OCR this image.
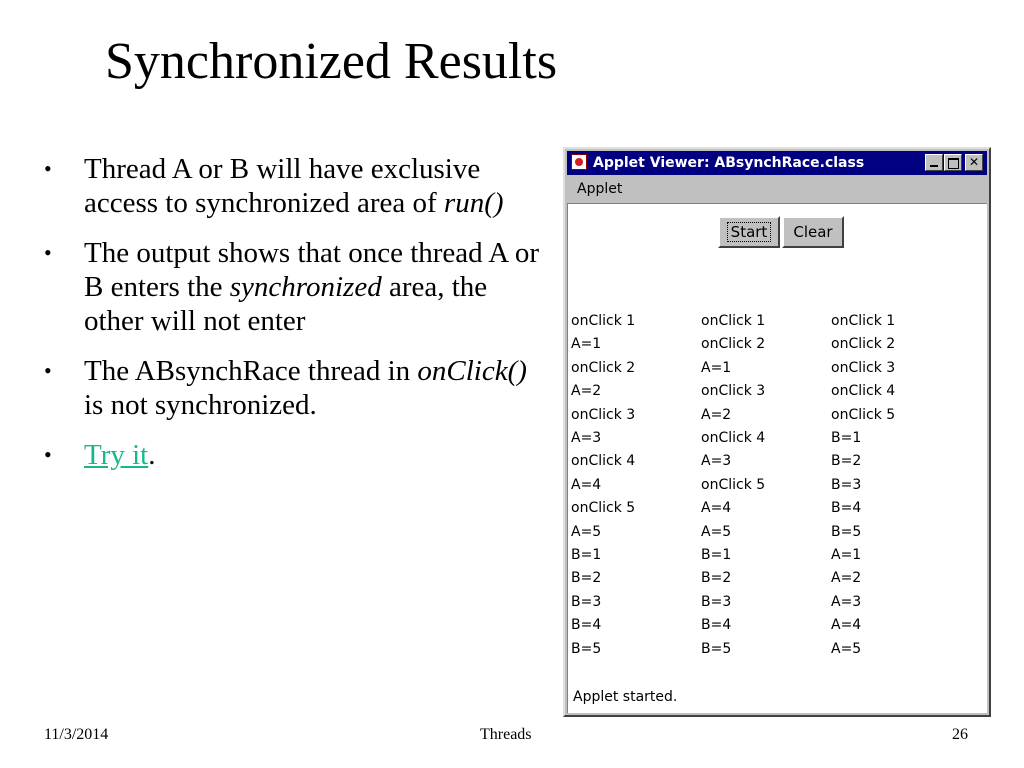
Synchronized Results
•	Thread A or B will have exclusive access to synchronized area of run()
•	The output shows that once thread A or B enters the synchronized area, the other will not enter
•	The ABsynchRace thread in onClick() is not synchronized.
•	Try it.
Applet Viewer: ABsynchRace.class	✕
Applet
Start	Clear
onClick 1
A=1
onClick 2
A=2
onClick 3
A=3
onClick 4
A=4
onClick 5
A=5
B=1
B=2
B=3
B=4
B=5
onClick 1
onClick 2
A=1
onClick 3
A=2
onClick 4
A=3
onClick 5
A=4
A=5
B=1
B=2
B=3
B=4
B=5
onClick 1
onClick 2
onClick 3
onClick 4
onClick 5
B=1
B=2
B=3
B=4
B=5
A=1
A=2
A=3
A=4
A=5
Applet started.
11/3/2014	Threads	26
